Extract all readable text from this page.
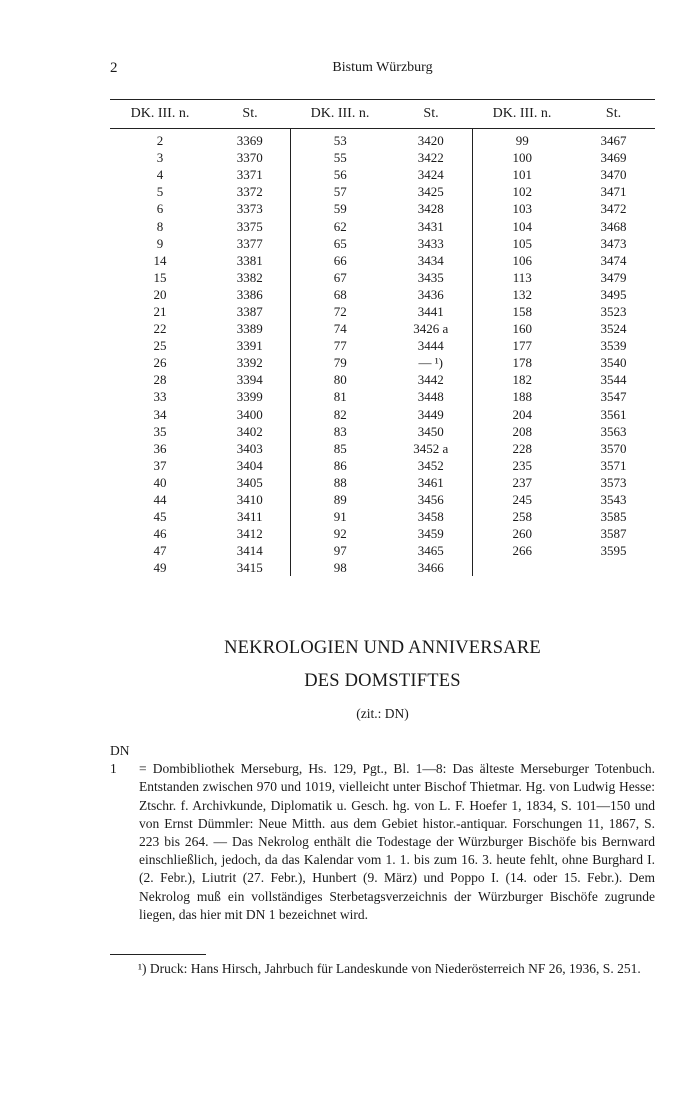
2	Bistum Würzburg
DK. III. n.	St.	DK. III. n.	St.	DK. III. n.	St.
2	3369	53	3420	99	3467
3	3370	55	3422	100	3469
4	3371	56	3424	101	3470
5	3372	57	3425	102	3471
6	3373	59	3428	103	3472
8	3375	62	3431	104	3468
9	3377	65	3433	105	3473
14	3381	66	3434	106	3474
15	3382	67	3435	113	3479
20	3386	68	3436	132	3495
21	3387	72	3441	158	3523
22	3389	74	3426 a	160	3524
25	3391	77	3444	177	3539
26	3392	79	— ¹)	178	3540
28	3394	80	3442	182	3544
33	3399	81	3448	188	3547
34	3400	82	3449	204	3561
35	3402	83	3450	208	3563
36	3403	85	3452 a	228	3570
37	3404	86	3452	235	3571
40	3405	88	3461	237	3573
44	3410	89	3456	245	3543
45	3411	91	3458	258	3585
46	3412	92	3459	260	3587
47	3414	97	3465	266	3595
49	3415	98	3466		
NEKROLOGIEN UND ANNIVERSARE
DES DOMSTIFTES
(zit.: DN)
DN 1 = Dombibliothek Merseburg, Hs. 129, Pgt., Bl. 1—8: Das älteste Merseburger Totenbuch. Entstanden zwischen 970 und 1019, vielleicht unter Bischof Thietmar. Hg. von Ludwig Hesse: Ztschr. f. Archivkunde, Diplomatik u. Gesch. hg. von L. F. Hoefer 1, 1834, S. 101—150 und von Ernst Dümmler: Neue Mitth. aus dem Gebiet histor.-antiquar. Forschungen 11, 1867, S. 223 bis 264. — Das Nekrolog enthält die Todestage der Würzburger Bischöfe bis Bernward einschließlich, jedoch, da das Kalendar vom 1. 1. bis zum 16. 3. heute fehlt, ohne Burghard I. (2. Febr.), Liutrit (27. Febr.), Hunbert (9. März) und Poppo I. (14. oder 15. Febr.). Dem Nekrolog muß ein vollständiges Sterbetagsverzeichnis der Würzburger Bischöfe zugrunde liegen, das hier mit DN 1 bezeichnet wird.
¹) Druck: Hans Hirsch, Jahrbuch für Landeskunde von Niederösterreich NF 26, 1936, S. 251.
